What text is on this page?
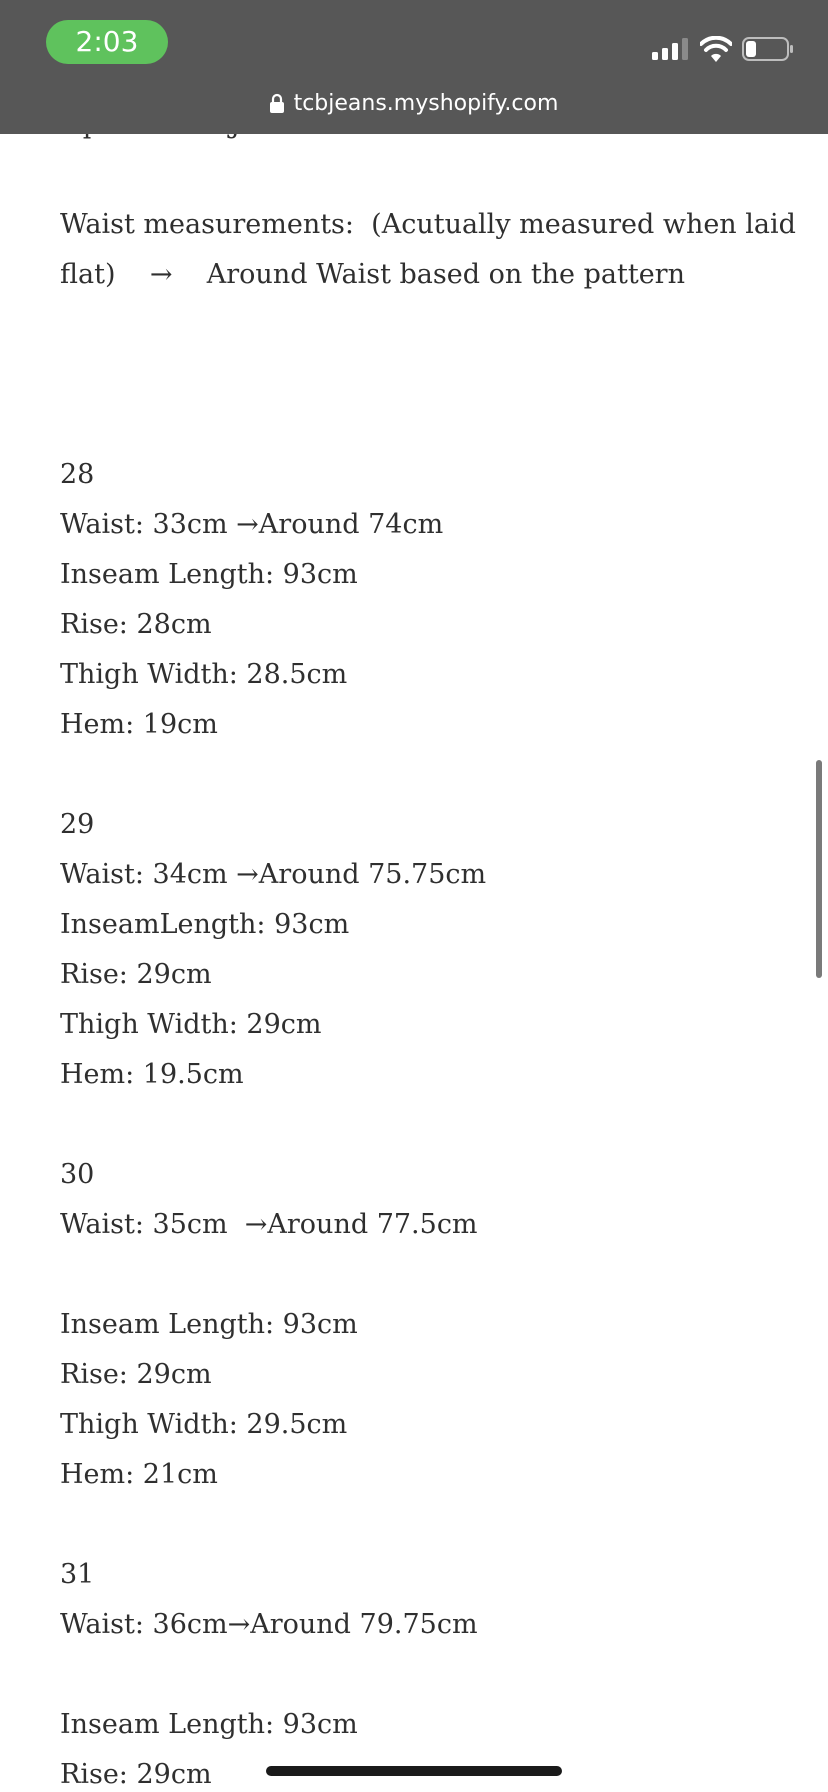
2:03
tcbjeans.myshopify.com

Waist measurements:  (Acutually measured when laid

flat)    →    Around Waist based on the pattern

28

Waist: 33cm →Around 74cm

Inseam Length: 93cm

Rise: 28cm

Thigh Width: 28.5cm

Hem: 19cm

29

Waist: 34cm →Around 75.75cm

InseamLength: 93cm

Rise: 29cm

Thigh Width: 29cm

Hem: 19.5cm

30

Waist: 35cm  →Around 77.5cm

Inseam Length: 93cm

Rise: 29cm

Thigh Width: 29.5cm

Hem: 21cm

31

Waist: 36cm→Around 79.75cm

Inseam Length: 93cm

Rise: 29cm
